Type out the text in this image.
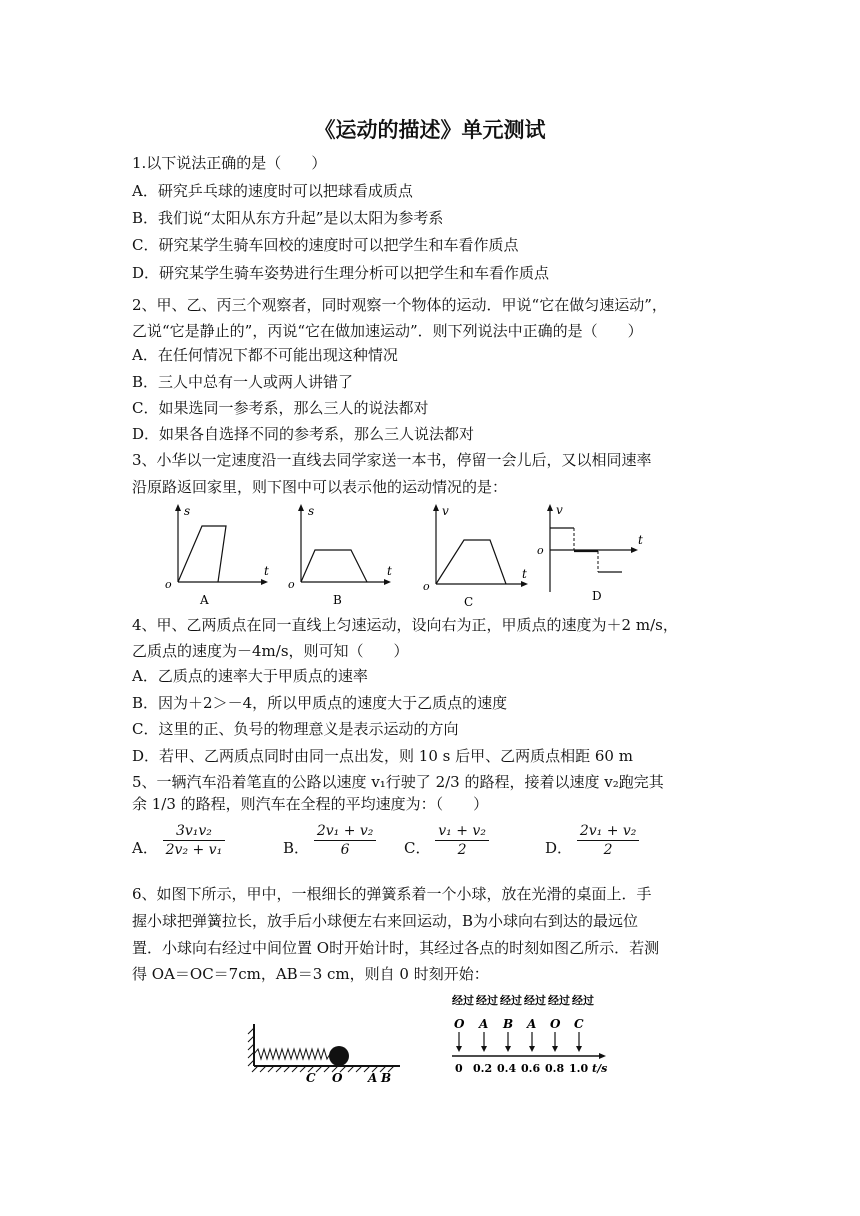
《运动的描述》单元测试
1.以下说法正确的是（　　）
A．研究乒乓球的速度时可以把球看成质点
B．我们说“太阳从东方升起”是以太阳为参考系
C．研究某学生骑车回校的速度时可以把学生和车看作质点
D．研究某学生骑车姿势进行生理分析可以把学生和车看作质点
2、甲、乙、丙三个观察者，同时观察一个物体的运动．甲说“它在做匀速运动”，
乙说“它是静止的”，丙说“它在做加速运动”．则下列说法中正确的是（　　）
A．在任何情况下都不可能出现这种情况
B．三人中总有一人或两人讲错了
C．如果选同一参考系，那么三人的说法都对
D．如果各自选择不同的参考系，那么三人说法都对
3、小华以一定速度沿一直线去同学家送一本书，停留一会儿后，又以相同速率
沿原路返回家里，则下图中可以表示他的运动情况的是：
s
t
o
A
s
t
o
B
v
t
o
C
v
t
o
D
4、甲、乙两质点在同一直线上匀速运动，设向右为正，甲质点的速度为＋2 m/s，
乙质点的速度为－4m/s，则可知（　　）
A．乙质点的速率大于甲质点的速率
B．因为＋2＞－4，所以甲质点的速度大于乙质点的速度
C．这里的正、负号的物理意义是表示运动的方向
D．若甲、乙两质点同时由同一点出发，则 10 s 后甲、乙两质点相距 60 m
5、一辆汽车沿着笔直的公路以速度 v₁行驶了 2/3 的路程，接着以速度 v₂跑完其
余 1/3 的路程，则汽车在全程的平均速度为：（　　）
A． $\frac{\text{3v₁v₂}}{\text{2v₂ + v₁}}$	B． $\frac{\text{2v₁ + v₂}}{6}$ C． $\frac{\text{v₁ + v₂}}{2}$	D． $\frac{\text{2v₁ + v₂}}{2}$
6、如图下所示，甲中，一根细长的弹簧系着一个小球，放在光滑的桌面上．手
握小球把弹簧拉长，放手后小球便左右来回运动，B为小球向右到达的最远位
置．小球向右经过中间位置 O时开始计时，其经过各点的时刻如图乙所示．若测
得 OA＝OC＝7cm，AB＝3 cm，则自 0 时刻开始：
C O A B
经过 经过 经过 经过 经过 经过
O A B A O C
0 0.2 0.4 0.6 0.8 1.0 t/s
